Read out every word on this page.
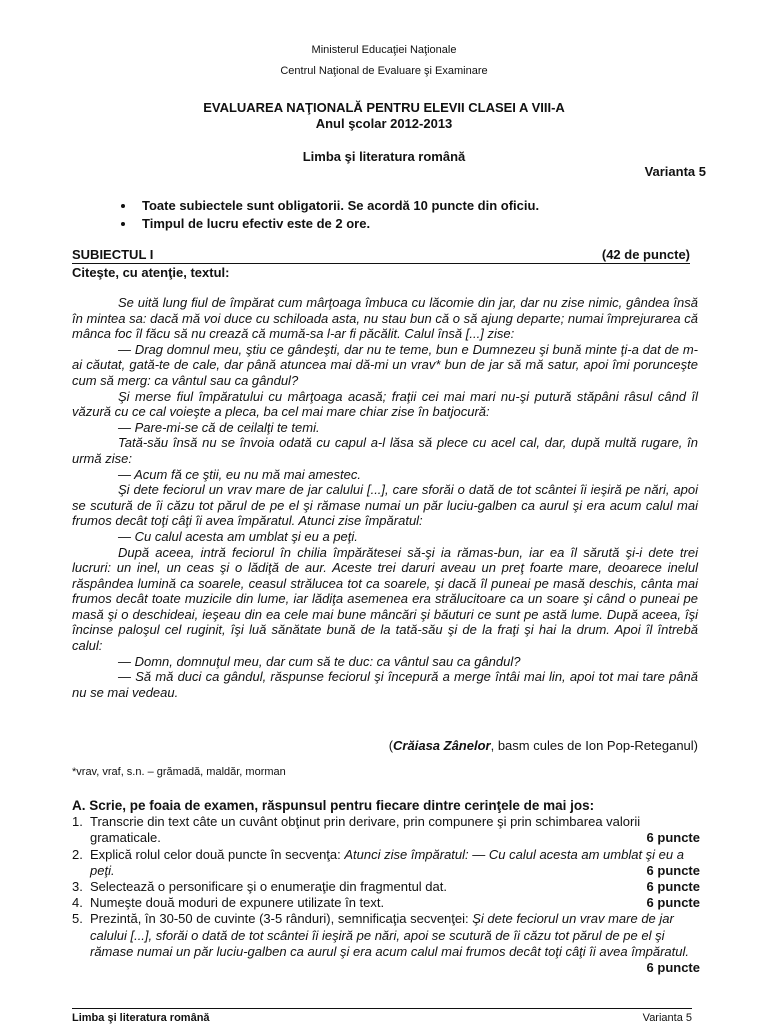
Ministerul Educaţiei Naţionale
Centrul Naţional de Evaluare şi Examinare
EVALUAREA NAŢIONALĂ PENTRU ELEVII CLASEI A VIII-A
Anul şcolar 2012-2013
Limba şi literatura română
Varianta 5
• Toate subiectele sunt obligatorii. Se acordă 10 puncte din oficiu.
• Timpul de lucru efectiv este de 2 ore.
SUBIECTUL I	(42 de puncte)
Citeşte, cu atenţie, textul:

Se uită lung fiul de împărat cum mârţoaga îmbuca cu lăcomie din jar, dar nu zise nimic, gândea însă în mintea sa: dacă mă voi duce cu schiloada asta, nu stau bun că o să ajung departe; numai împrejurarea că mânca foc îl făcu să nu crează că mumă-sa l-ar fi păcălit. Calul însă [...] zise:

— Drag domnul meu, ştiu ce gândeşti, dar nu te teme, bun e Dumnezeu şi bună minte ţi-a dat de m-ai căutat, gată-te de cale, dar până atuncea mai dă-mi un vrav* bun de jar să mă satur, apoi îmi porunceşte cum să merg: ca vântul sau ca gândul?

Şi merse fiul împăratului cu mârţoaga acasă; fraţii cei mai mari nu-şi putură stăpâni râsul când îl văzură cu ce cal voieşte a pleca, ba cel mai mare chiar zise în batjocură:

— Pare-mi-se că de ceilalţi te temi.

Tată-său însă nu se învoia odată cu capul a-l lăsa să plece cu acel cal, dar, după multă rugare, în urmă zise:

— Acum fă ce ştii, eu nu mă mai amestec.

Şi dete feciorul un vrav mare de jar calului [...], care sforăi o dată de tot scântei îi ieşiră pe nări, apoi se scutură de îi căzu tot părul de pe el şi rămase numai un păr luciu-galben ca aurul şi era acum calul mai frumos decât toţi câţi îi avea împăratul. Atunci zise împăratul:

— Cu calul acesta am umblat şi eu a peţi.

După aceea, intră feciorul în chilia împărătesei să-şi ia rămas-bun, iar ea îl sărută şi-i dete trei lucruri: un inel, un ceas şi o lădiţă de aur. Aceste trei daruri aveau un preţ foarte mare, deoarece inelul răspândea lumină ca soarele, ceasul strălucea tot ca soarele, şi dacă îl puneai pe masă deschis, cânta mai frumos decât toate muzicile din lume, iar lădiţa asemenea era strălucitoare ca un soare şi când o puneai pe masă şi o deschideai, ieşeau din ea cele mai bune mâncări şi băuturi ce sunt pe astă lume. După aceea, îşi încinse paloşul cel ruginit, îşi luă sănătate bună de la tată-său şi de la fraţi şi hai la drum. Apoi îl întrebă calul:

— Domn, domnuţul meu, dar cum să te duc: ca vântul sau ca gândul?

— Să mă duci ca gândul, răspunse feciorul şi începură a merge întâi mai lin, apoi tot mai tare până nu se mai vedeau.

(Crăiasa Zânelor, basm cules de Ion Pop-Reteganul)
*vrav, vraf, s.n. – grămadă, maldăr, morman
A. Scrie, pe foaia de examen, răspunsul pentru fiecare dintre cerinţele de mai jos:
1. Transcrie din text câte un cuvânt obţinut prin derivare, prin compunere şi prin schimbarea valorii gramaticale.	6 puncte
2. Explică rolul celor două puncte în secvenţa: Atunci zise împăratul: — Cu calul acesta am umblat şi eu a peţi.	6 puncte
3. Selectează o personificare şi o enumeraţie din fragmentul dat.	6 puncte
4. Numeşte două moduri de expunere utilizate în text.	6 puncte
5. Prezintă, în 30-50 de cuvinte (3-5 rânduri), semnificaţia secvenţei: Şi dete feciorul un vrav mare de jar calului [...], sforăi o dată de tot scântei îi ieşiră pe nări, apoi se scutură de îi căzu tot părul de pe el şi rămase numai un păr luciu-galben ca aurul şi era acum calul mai frumos decât toţi câţi îi avea împăratul.
6 puncte
Limba şi literatura română	Varianta 5
